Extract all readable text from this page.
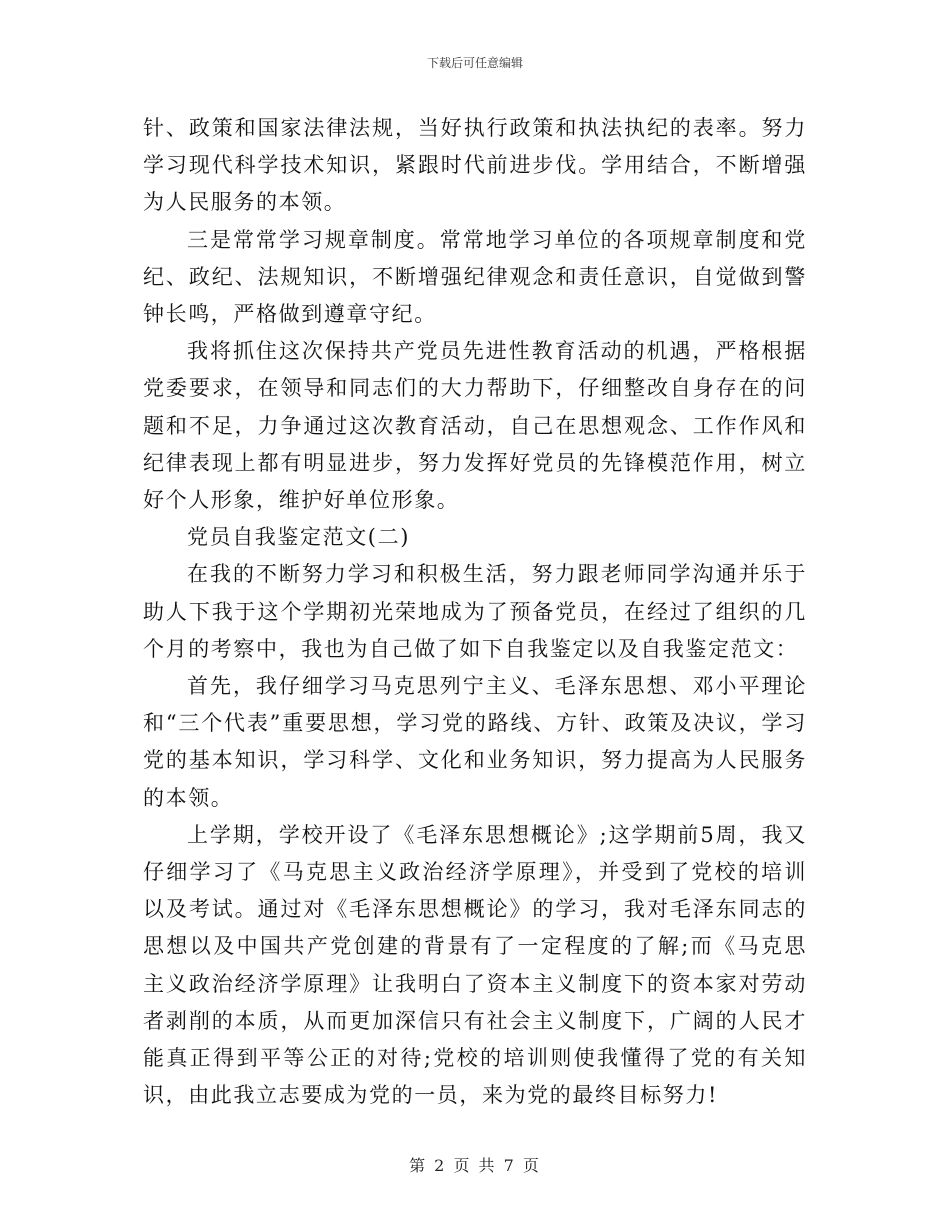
下载后可任意编辑

针、政策和国家法律法规，当好执行政策和执法执纪的表率。努力学习现代科学技术知识，紧跟时代前进步伐。学用结合，不断增强为人民服务的本领。

三是常常学习规章制度。常常地学习单位的各项规章制度和党纪、政纪、法规知识，不断增强纪律观念和责任意识，自觉做到警钟长鸣，严格做到遵章守纪。

我将抓住这次保持共产党员先进性教育活动的机遇，严格根据党委要求，在领导和同志们的大力帮助下，仔细整改自身存在的问题和不足，力争通过这次教育活动，自己在思想观念、工作作风和纪律表现上都有明显进步，努力发挥好党员的先锋模范作用，树立好个人形象，维护好单位形象。

党员自我鉴定范文(二)

在我的不断努力学习和积极生活，努力跟老师同学沟通并乐于助人下我于这个学期初光荣地成为了预备党员，在经过了组织的几个月的考察中，我也为自己做了如下自我鉴定以及自我鉴定范文：

首先，我仔细学习马克思列宁主义、毛泽东思想、邓小平理论和“三个代表”重要思想，学习党的路线、方针、政策及决议，学习党的基本知识，学习科学、文化和业务知识，努力提高为人民服务的本领。

上学期，学校开设了《毛泽东思想概论》;这学期前5周，我又仔细学习了《马克思主义政治经济学原理》，并受到了党校的培训以及考试。通过对《毛泽东思想概论》的学习，我对毛泽东同志的思想以及中国共产党创建的背景有了一定程度的了解;而《马克思主义政治经济学原理》让我明白了资本主义制度下的资本家对劳动者剥削的本质，从而更加深信只有社会主义制度下，广阔的人民才能真正得到平等公正的对待;党校的培训则使我懂得了党的有关知识，由此我立志要成为党的一员，来为党的最终目标努力!

第 2 页 共 7 页
